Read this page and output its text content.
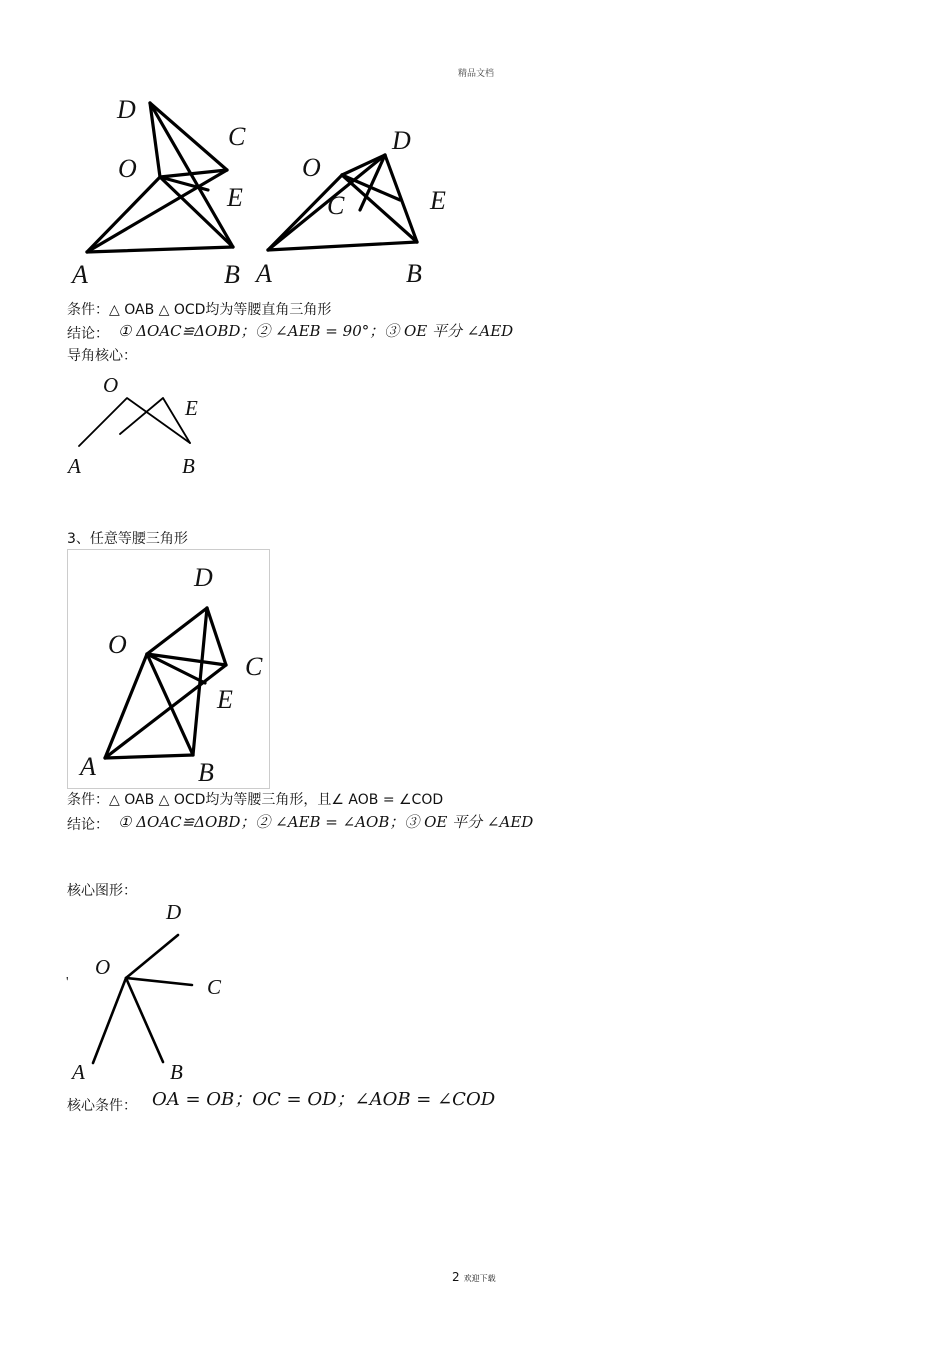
精品文档
D
C
O
E
A	B
O
D
C	E
A	B
条件：△ OAB △ OCD均为等腰直角三角形
结论： ① ΔOAC≌ΔOBD；② ∠AEB = 90°；③ OE 平分 ∠AED
导角核心：
O
E
A	B
3、任意等腰三角形
D
O
C
E
A	B
条件：△ OAB △ OCD均为等腰三角形，且∠ AOB = ∠COD
结论： ① ΔOAC≌ΔOBD；② ∠AEB = ∠AOB；③ OE 平分 ∠AED
核心图形：
'
D
O
C
A	B
核心条件： OA = OB；OC = OD；∠AOB = ∠COD
2 欢迎下载
